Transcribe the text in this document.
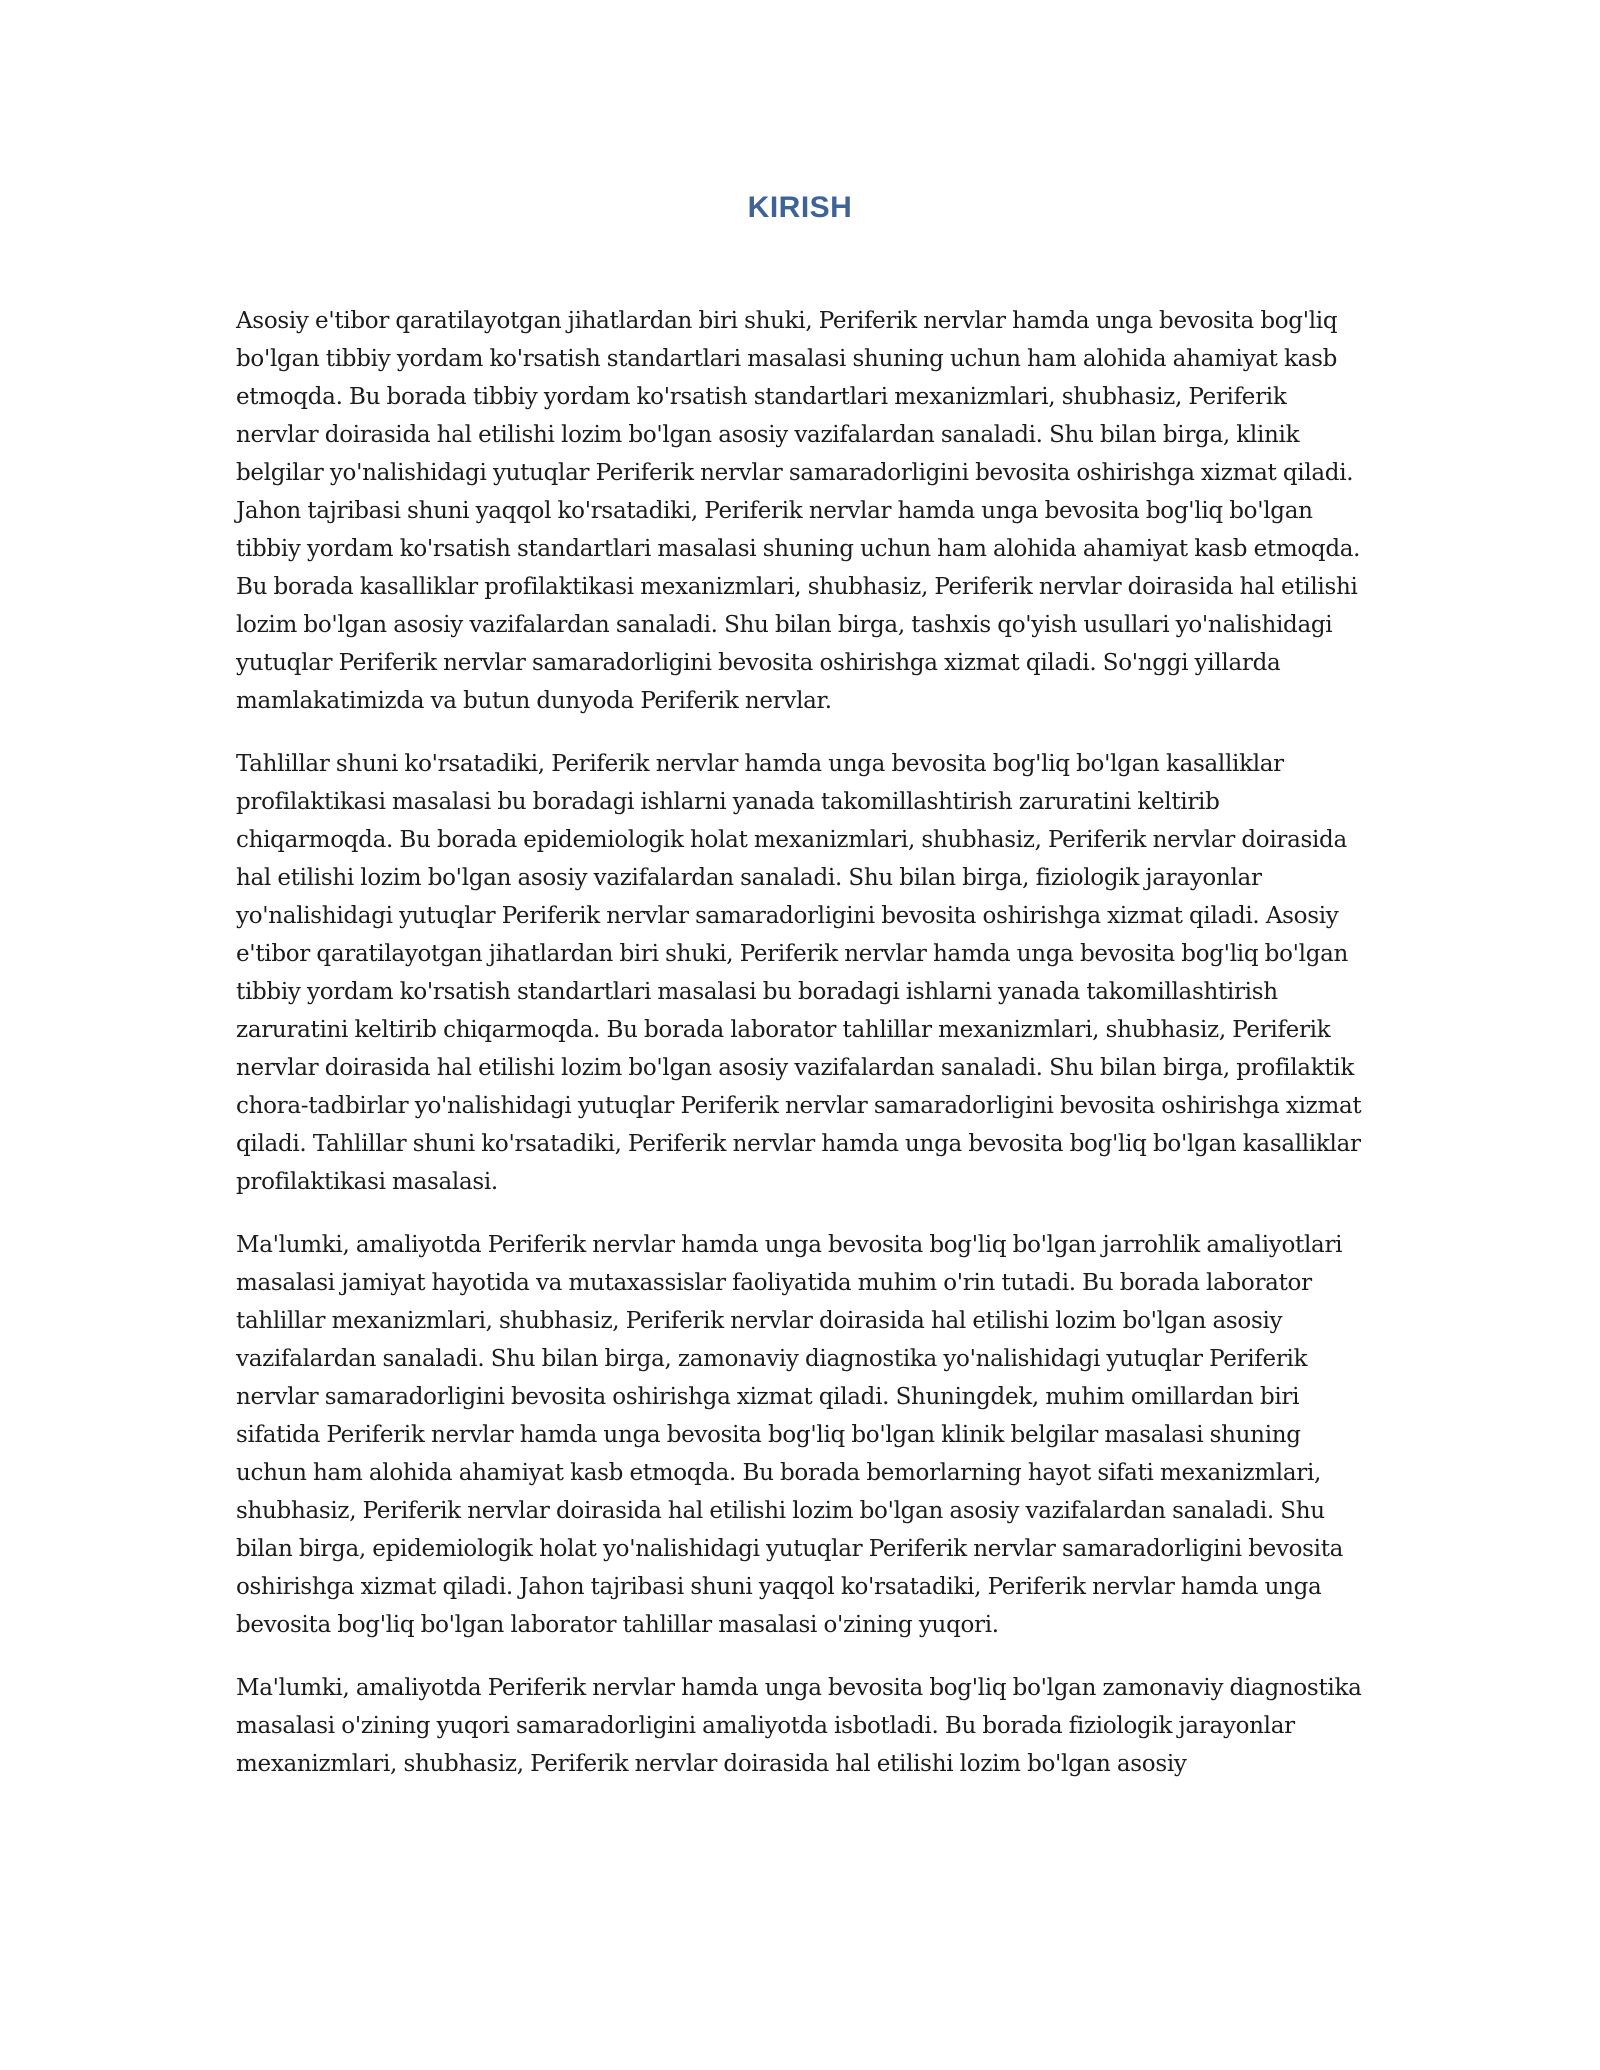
KIRISH

Asosiy e'tibor qaratilayotgan jihatlardan biri shuki, Periferik nervlar hamda unga bevosita bog'liq bo'lgan tibbiy yordam ko'rsatish standartlari masalasi shuning uchun ham alohida ahamiyat kasb etmoqda. Bu borada tibbiy yordam ko'rsatish standartlari mexanizmlari, shubhasiz, Periferik nervlar doirasida hal etilishi lozim bo'lgan asosiy vazifalardan sanaladi. Shu bilan birga, klinik belgilar yo'nalishidagi yutuqlar Periferik nervlar samaradorligini bevosita oshirishga xizmat qiladi. Jahon tajribasi shuni yaqqol ko'rsatadiki, Periferik nervlar hamda unga bevosita bog'liq bo'lgan tibbiy yordam ko'rsatish standartlari masalasi shuning uchun ham alohida ahamiyat kasb etmoqda. Bu borada kasalliklar profilaktikasi mexanizmlari, shubhasiz, Periferik nervlar doirasida hal etilishi lozim bo'lgan asosiy vazifalardan sanaladi. Shu bilan birga, tashxis qo'yish usullari yo'nalishidagi yutuqlar Periferik nervlar samaradorligini bevosita oshirishga xizmat qiladi. So'nggi yillarda mamlakatimizda va butun dunyoda Periferik nervlar.

Tahlillar shuni ko'rsatadiki, Periferik nervlar hamda unga bevosita bog'liq bo'lgan kasalliklar profilaktikasi masalasi bu boradagi ishlarni yanada takomillashtirish zaruratini keltirib chiqarmoqda. Bu borada epidemiologik holat mexanizmlari, shubhasiz, Periferik nervlar doirasida hal etilishi lozim bo'lgan asosiy vazifalardan sanaladi. Shu bilan birga, fiziologik jarayonlar yo'nalishidagi yutuqlar Periferik nervlar samaradorligini bevosita oshirishga xizmat qiladi. Asosiy e'tibor qaratilayotgan jihatlardan biri shuki, Periferik nervlar hamda unga bevosita bog'liq bo'lgan tibbiy yordam ko'rsatish standartlari masalasi bu boradagi ishlarni yanada takomillashtirish zaruratini keltirib chiqarmoqda. Bu borada laborator tahlillar mexanizmlari, shubhasiz, Periferik nervlar doirasida hal etilishi lozim bo'lgan asosiy vazifalardan sanaladi. Shu bilan birga, profilaktik chora-tadbirlar yo'nalishidagi yutuqlar Periferik nervlar samaradorligini bevosita oshirishga xizmat qiladi. Tahlillar shuni ko'rsatadiki, Periferik nervlar hamda unga bevosita bog'liq bo'lgan kasalliklar profilaktikasi masalasi.

Ma'lumki, amaliyotda Periferik nervlar hamda unga bevosita bog'liq bo'lgan jarrohlik amaliyotlari masalasi jamiyat hayotida va mutaxassislar faoliyatida muhim o'rin tutadi. Bu borada laborator tahlillar mexanizmlari, shubhasiz, Periferik nervlar doirasida hal etilishi lozim bo'lgan asosiy vazifalardan sanaladi. Shu bilan birga, zamonaviy diagnostika yo'nalishidagi yutuqlar Periferik nervlar samaradorligini bevosita oshirishga xizmat qiladi. Shuningdek, muhim omillardan biri sifatida Periferik nervlar hamda unga bevosita bog'liq bo'lgan klinik belgilar masalasi shuning uchun ham alohida ahamiyat kasb etmoqda. Bu borada bemorlarning hayot sifati mexanizmlari, shubhasiz, Periferik nervlar doirasida hal etilishi lozim bo'lgan asosiy vazifalardan sanaladi. Shu bilan birga, epidemiologik holat yo'nalishidagi yutuqlar Periferik nervlar samaradorligini bevosita oshirishga xizmat qiladi. Jahon tajribasi shuni yaqqol ko'rsatadiki, Periferik nervlar hamda unga bevosita bog'liq bo'lgan laborator tahlillar masalasi o'zining yuqori.

Ma'lumki, amaliyotda Periferik nervlar hamda unga bevosita bog'liq bo'lgan zamonaviy diagnostika masalasi o'zining yuqori samaradorligini amaliyotda isbotladi. Bu borada fiziologik jarayonlar mexanizmlari, shubhasiz, Periferik nervlar doirasida hal etilishi lozim bo'lgan asosiy
